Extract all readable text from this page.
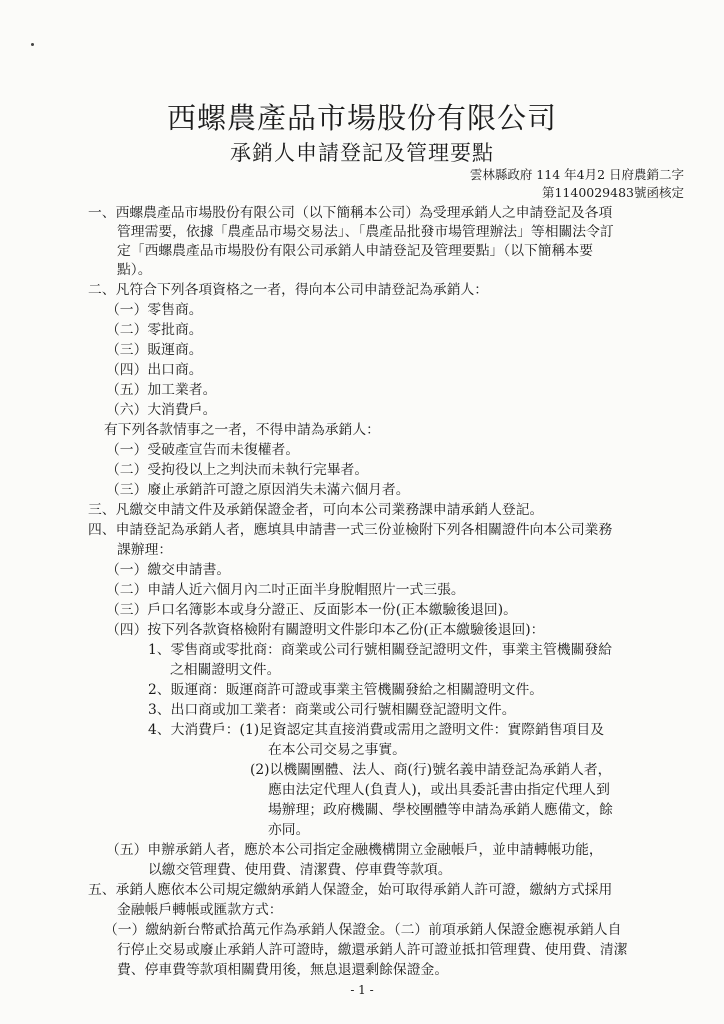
西螺農產品市場股份有限公司
承銷人申請登記及管理要點
雲林縣政府 114 年4月2 日府農銷二字
第1140029483號函核定
一、西螺農產品市場股份有限公司（以下簡稱本公司）為受理承銷人之申請登記及各項
管理需要，依據「農產品市場交易法」、「農產品批發市場管理辦法」等相關法令訂
定「西螺農產品市場股份有限公司承銷人申請登記及管理要點」（以下簡稱本要
點）。
二、凡符合下列各項資格之一者，得向本公司申請登記為承銷人：
（一）零售商。
（二）零批商。
（三）販運商。
（四）出口商。
（五）加工業者。
（六）大消費戶。
有下列各款情事之一者，不得申請為承銷人：
（一）受破產宣告而未復權者。
（二）受拘役以上之判決而未執行完畢者。
（三）廢止承銷許可證之原因消失未滿六個月者。
三、凡繳交申請文件及承銷保證金者，可向本公司業務課申請承銷人登記。
四、申請登記為承銷人者，應填具申請書一式三份並檢附下列各相關證件向本公司業務
課辦理：
（一）繳交申請書。
（二）申請人近六個月內二吋正面半身脫帽照片一式三張。
（三）戶口名簿影本或身分證正、反面影本一份(正本繳驗後退回)。
（四）按下列各款資格檢附有關證明文件影印本乙份(正本繳驗後退回)：
1、零售商或零批商：商業或公司行號相關登記證明文件，事業主管機關發給
之相關證明文件。
2、販運商：販運商許可證或事業主管機關發給之相關證明文件。
3、出口商或加工業者：商業或公司行號相關登記證明文件。
4、大消費戶：(1)足資認定其直接消費或需用之證明文件：實際銷售項目及
在本公司交易之事實。
(2)以機關團體、法人、商(行)號名義申請登記為承銷人者，
應由法定代理人(負責人)，或出具委託書由指定代理人到
場辦理；政府機關、學校團體等申請為承銷人應備文，餘
亦同。
（五）申辦承銷人者，應於本公司指定金融機構開立金融帳戶，並申請轉帳功能，
以繳交管理費、使用費、清潔費、停車費等款項。
五、承銷人應依本公司規定繳納承銷人保證金，始可取得承銷人許可證，繳納方式採用
金融帳戶轉帳或匯款方式：
（一）繳納新台幣貳拾萬元作為承銷人保證金。（二）前項承銷人保證金應視承銷人自
行停止交易或廢止承銷人許可證時，繳還承銷人許可證並抵扣管理費、使用費、清潔
費、停車費等款項相關費用後，無息退還剩餘保證金。
- 1 -
